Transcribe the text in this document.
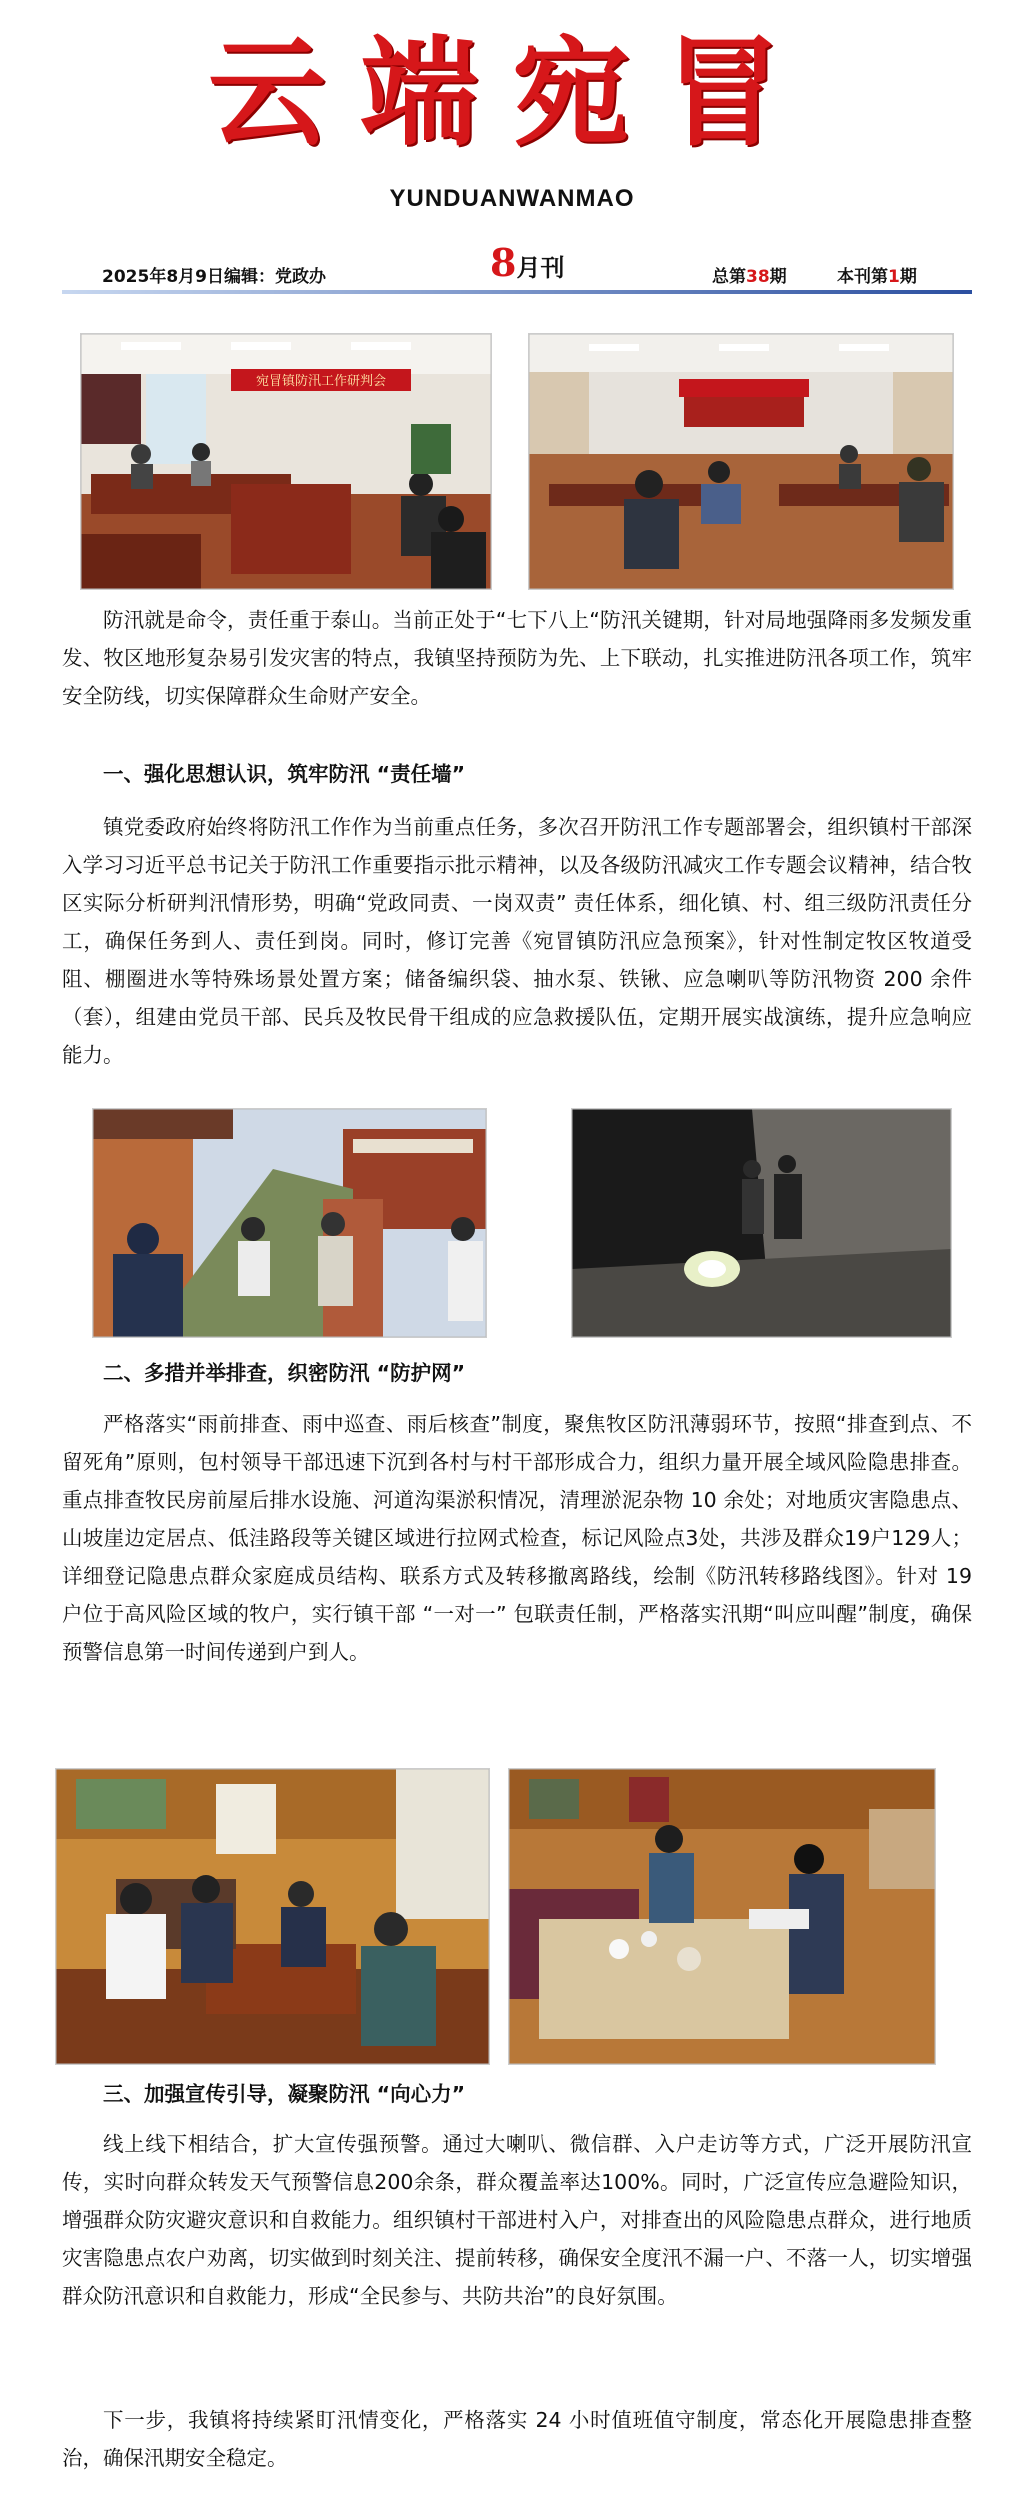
云端宛冒
YUNDUANWANMAO
2025年8月9日编辑：党政办	8月刊	总第38期	本刊第1期
宛冒镇防汛工作研判会

防汛就是命令，责任重于泰山。当前正处于“七下八上“防汛关键期，针对局地强降雨多发频发重发、牧区地形复杂易引发灾害的特点，我镇坚持预防为先、上下联动，扎实推进防汛各项工作，筑牢安全防线，切实保障群众生命财产安全。

一、强化思想认识，筑牢防汛 “责任墙”

镇党委政府始终将防汛工作作为当前重点任务，多次召开防汛工作专题部署会，组织镇村干部深入学习习近平总书记关于防汛工作重要指示批示精神，以及各级防汛减灾工作专题会议精神，结合牧区实际分析研判汛情形势，明确“党政同责、一岗双责” 责任体系，细化镇、村、组三级防汛责任分工，确保任务到人、责任到岗。同时，修订完善《宛冒镇防汛应急预案》，针对性制定牧区牧道受阻、棚圈进水等特殊场景处置方案；储备编织袋、抽水泵、铁锹、应急喇叭等防汛物资 200 余件（套），组建由党员干部、民兵及牧民骨干组成的应急救援队伍，定期开展实战演练，提升应急响应能力。

二、多措并举排查，织密防汛 “防护网”

严格落实“雨前排查、雨中巡查、雨后核查”制度，聚焦牧区防汛薄弱环节，按照“排查到点、不留死角”原则，包村领导干部迅速下沉到各村与村干部形成合力，组织力量开展全域风险隐患排查。重点排查牧民房前屋后排水设施、河道沟渠淤积情况，清理淤泥杂物 10 余处；对地质灾害隐患点、山坡崖边定居点、低洼路段等关键区域进行拉网式检查，标记风险点3处，共涉及群众19户129人；详细登记隐患点群众家庭成员结构、联系方式及转移撤离路线，绘制《防汛转移路线图》。针对 19 户位于高风险区域的牧户，实行镇干部 “一对一” 包联责任制，严格落实汛期“叫应叫醒”制度，确保预警信息第一时间传递到户到人。

三、加强宣传引导，凝聚防汛 “向心力”

线上线下相结合，扩大宣传强预警。通过大喇叭、微信群、入户走访等方式，广泛开展防汛宣传，实时向群众转发天气预警信息200余条，群众覆盖率达100%。同时，广泛宣传应急避险知识，增强群众防灾避灾意识和自救能力。组织镇村干部进村入户，对排查出的风险隐患点群众，进行地质灾害隐患点农户劝离，切实做到时刻关注、提前转移，确保安全度汛不漏一户、不落一人，切实增强群众防汛意识和自救能力，形成“全民参与、共防共治”的良好氛围。

下一步，我镇将持续紧盯汛情变化，严格落实 24 小时值班值守制度，常态化开展隐患排查整治，确保汛期安全稳定。
